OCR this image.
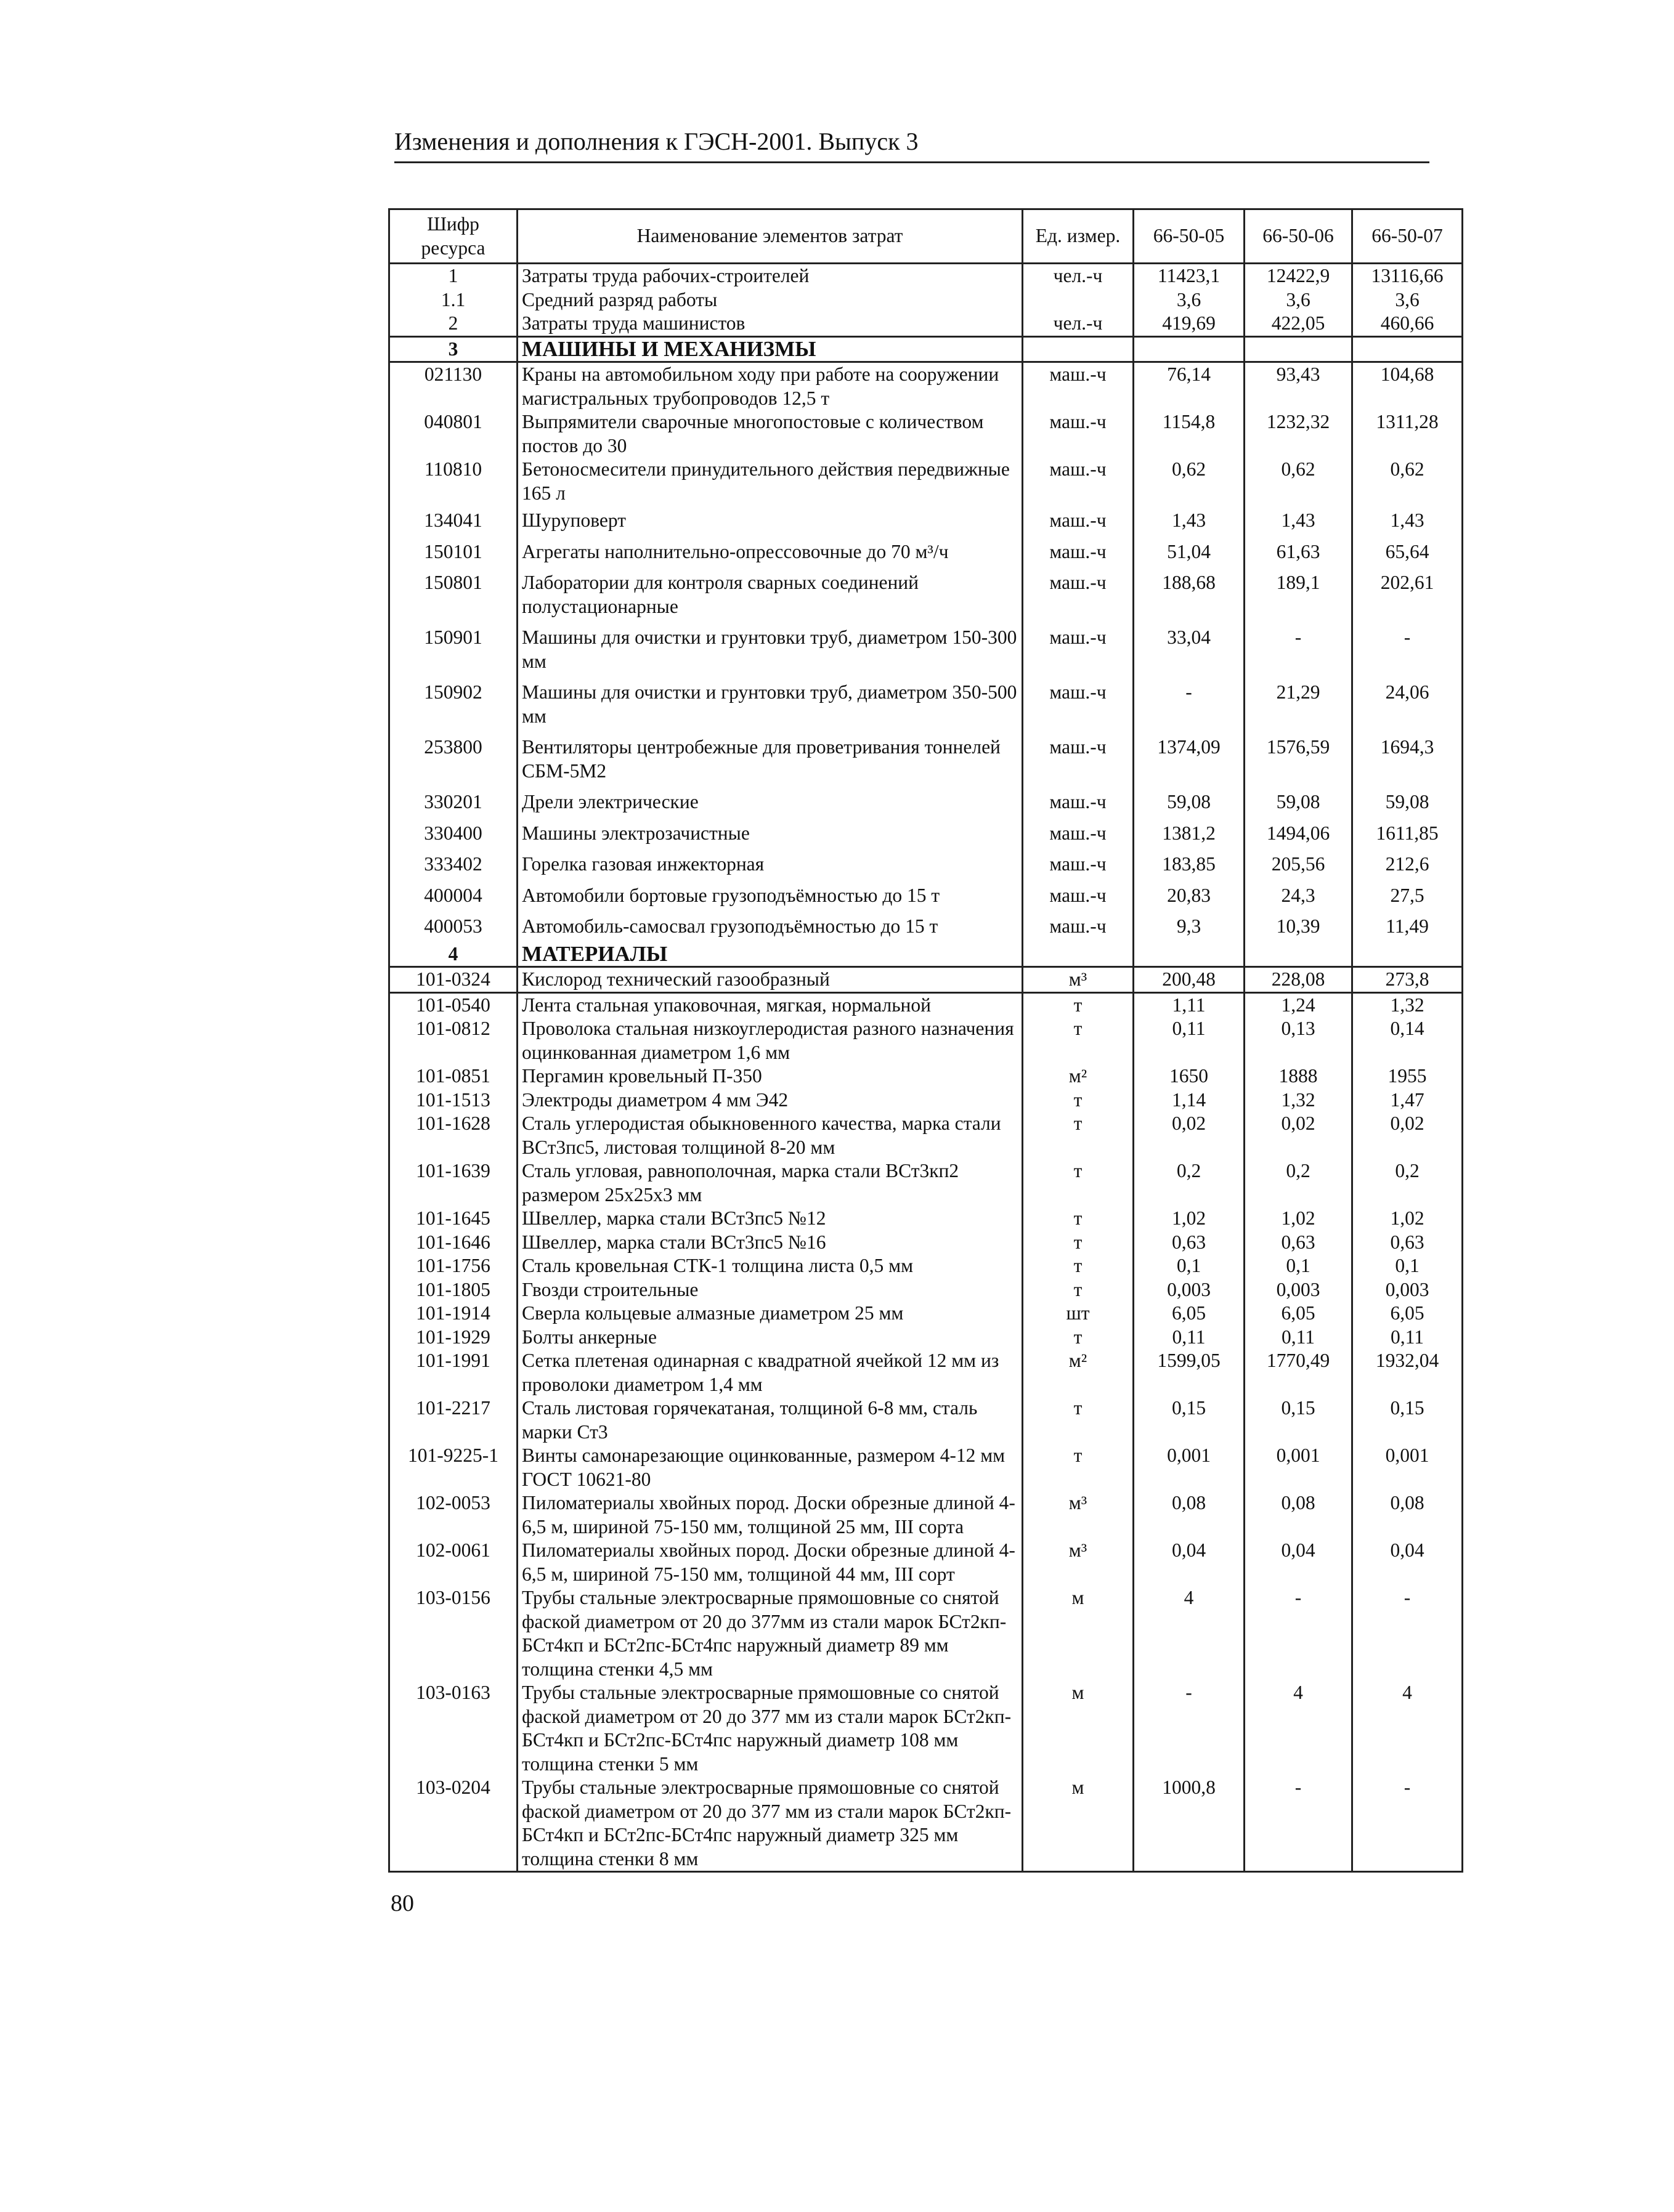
Изменения и дополнения к ГЭСН-2001. Выпуск 3
Шифр ресурса	Наименование элементов затрат	Ед. измер.	66-50-05	66-50-06	66-50-07
1	Затраты труда рабочих-строителей	чел.-ч	11423,1	12422,9	13116,66
1.1	Средний разряд работы		3,6	3,6	3,6
2	Затраты труда машинистов	чел.-ч	419,69	422,05	460,66
3	МАШИНЫ И МЕХАНИЗМЫ				
021130	Краны на автомобильном ходу при работе на сооружении магистральных трубопроводов 12,5 т	маш.-ч	76,14	93,43	104,68
040801	Выпрямители сварочные многопостовые с количеством постов до 30	маш.-ч	1154,8	1232,32	1311,28
110810	Бетоносмесители принудительного действия передвижные 165 л	маш.-ч	0,62	0,62	0,62
134041	Шуруповерт	маш.-ч	1,43	1,43	1,43
150101	Агрегаты наполнительно-опрессовочные до 70 м³/ч	маш.-ч	51,04	61,63	65,64
150801	Лаборатории для контроля сварных соединений полустационарные	маш.-ч	188,68	189,1	202,61
150901	Машины для очистки и грунтовки труб, диаметром 150-300 мм	маш.-ч	33,04	-	-
150902	Машины для очистки и грунтовки труб, диаметром 350-500 мм	маш.-ч	-	21,29	24,06
253800	Вентиляторы центробежные для проветривания тоннелей СБМ-5М2	маш.-ч	1374,09	1576,59	1694,3
330201	Дрели электрические	маш.-ч	59,08	59,08	59,08
330400	Машины электрозачистные	маш.-ч	1381,2	1494,06	1611,85
333402	Горелка газовая инжекторная	маш.-ч	183,85	205,56	212,6
400004	Автомобили бортовые грузоподъёмностью до 15 т	маш.-ч	20,83	24,3	27,5
400053	Автомобиль-самосвал грузоподъёмностью до 15 т	маш.-ч	9,3	10,39	11,49
4	МАТЕРИАЛЫ				
101-0324	Кислород технический газообразный	м³	200,48	228,08	273,8
101-0540	Лента стальная упаковочная, мягкая, нормальной	т	1,11	1,24	1,32
101-0812	Проволока стальная низкоуглеродистая разного назначения оцинкованная диаметром 1,6 мм	т	0,11	0,13	0,14
101-0851	Пергамин кровельный П-350	м²	1650	1888	1955
101-1513	Электроды диаметром 4 мм Э42	т	1,14	1,32	1,47
101-1628	Сталь углеродистая обыкновенного качества, марка стали ВСт3пс5, листовая толщиной 8-20 мм	т	0,02	0,02	0,02
101-1639	Сталь угловая, равнополочная, марка стали ВСт3кп2 размером 25х25х3 мм	т	0,2	0,2	0,2
101-1645	Швеллер, марка стали ВСт3пс5 №12	т	1,02	1,02	1,02
101-1646	Швеллер, марка стали ВСт3пс5 №16	т	0,63	0,63	0,63
101-1756	Сталь кровельная СТК-1 толщина листа 0,5 мм	т	0,1	0,1	0,1
101-1805	Гвозди строительные	т	0,003	0,003	0,003
101-1914	Сверла кольцевые алмазные диаметром 25 мм	шт	6,05	6,05	6,05
101-1929	Болты анкерные	т	0,11	0,11	0,11
101-1991	Сетка плетеная одинарная с квадратной ячейкой 12 мм из проволоки диаметром 1,4 мм	м²	1599,05	1770,49	1932,04
101-2217	Сталь листовая горячекатаная, толщиной 6-8 мм, сталь марки Ст3	т	0,15	0,15	0,15
101-9225-1	Винты самонарезающие оцинкованные, размером 4-12 мм ГОСТ 10621-80	т	0,001	0,001	0,001
102-0053	Пиломатериалы хвойных пород. Доски обрезные длиной 4-6,5 м, шириной 75-150 мм, толщиной 25 мм, III сорта	м³	0,08	0,08	0,08
102-0061	Пиломатериалы хвойных пород. Доски обрезные длиной 4-6,5 м, шириной 75-150 мм, толщиной 44 мм, III сорт	м³	0,04	0,04	0,04
103-0156	Трубы стальные электросварные прямошовные со снятой фаской диаметром от 20 до 377мм из стали марок БСт2кп-БСт4кп и БСт2пс-БСт4пс наружный диаметр 89 мм толщина стенки 4,5 мм	м	4	-	-
103-0163	Трубы стальные электросварные прямошовные со снятой фаской диаметром от 20 до 377 мм из стали марок БСт2кп-БСт4кп и БСт2пс-БСт4пс наружный диаметр 108 мм толщина стенки 5 мм	м	-	4	4
103-0204	Трубы стальные электросварные прямошовные со снятой фаской диаметром от 20 до 377 мм из стали марок БСт2кп-БСт4кп и БСт2пс-БСт4пс наружный диаметр 325 мм толщина стенки 8 мм	м	1000,8	-	-
80
